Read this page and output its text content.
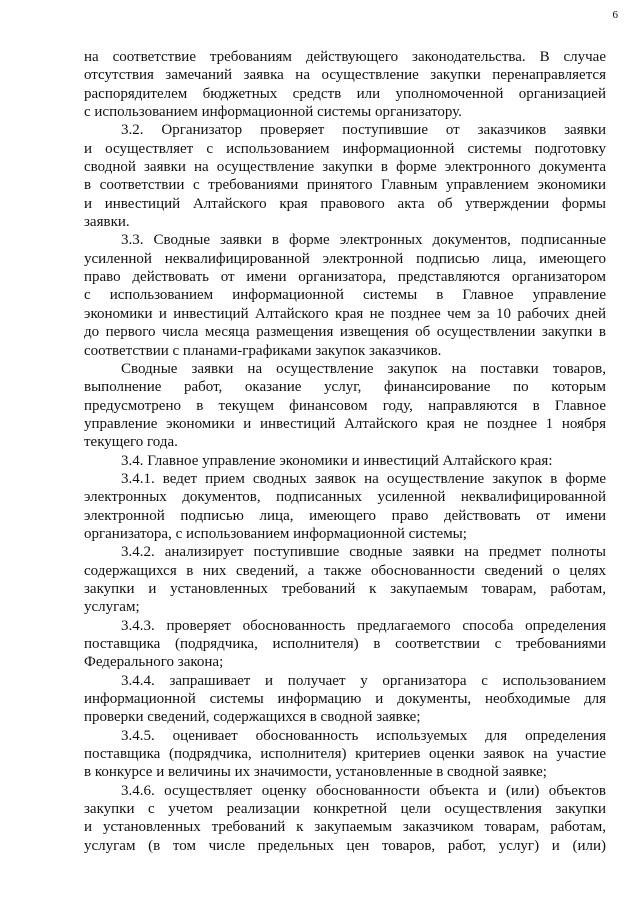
6

на соответствие требованиям действующего законодательства. В случае

отсутствия замечаний заявка на осуществление закупки перенаправляется

распорядителем бюджетных средств или уполномоченной организацией

с использованием информационной системы организатору.

3.2. Организатор проверяет поступившие от заказчиков заявки

и осуществляет с использованием информационной системы подготовку

сводной заявки на осуществление закупки в форме электронного документа

в соответствии с требованиями принятого Главным управлением экономики

и инвестиций Алтайского края правового акта об утверждении формы

заявки.

3.3. Сводные заявки в форме электронных документов, подписанные

усиленной неквалифицированной электронной подписью лица, имеющего

право действовать от имени организатора, представляются организатором

с использованием информационной системы в Главное управление

экономики и инвестиций Алтайского края не позднее чем за 10 рабочих дней

до первого числа месяца размещения извещения об осуществлении закупки в

соответствии с планами-графиками закупок заказчиков.

Сводные заявки на осуществление закупок на поставки товаров,

выполнение работ, оказание услуг, финансирование по которым

предусмотрено в текущем финансовом году, направляются в Главное

управление экономики и инвестиций Алтайского края не позднее 1 ноября

текущего года.

3.4. Главное управление экономики и инвестиций Алтайского края:

3.4.1. ведет прием сводных заявок на осуществление закупок в форме

электронных документов, подписанных усиленной неквалифицированной

электронной подписью лица, имеющего право действовать от имени

организатора, с использованием информационной системы;

3.4.2. анализирует поступившие сводные заявки на предмет полноты

содержащихся в них сведений, а также обоснованности сведений о целях

закупки и установленных требований к закупаемым товарам, работам,

услугам;

3.4.3. проверяет обоснованность предлагаемого способа определения

поставщика (подрядчика, исполнителя) в соответствии с требованиями

Федерального закона;

3.4.4. запрашивает и получает у организатора с использованием

информационной системы информацию и документы, необходимые для

проверки сведений, содержащихся в сводной заявке;

3.4.5. оценивает обоснованность используемых для определения

поставщика (подрядчика, исполнителя) критериев оценки заявок на участие

в конкурсе и величины их значимости, установленные в сводной заявке;

3.4.6. осуществляет оценку обоснованности объекта и (или) объектов

закупки с учетом реализации конкретной цели осуществления закупки

и установленных требований к закупаемым заказчиком товарам, работам,

услугам (в том числе предельных цен товаров, работ, услуг) и (или)
